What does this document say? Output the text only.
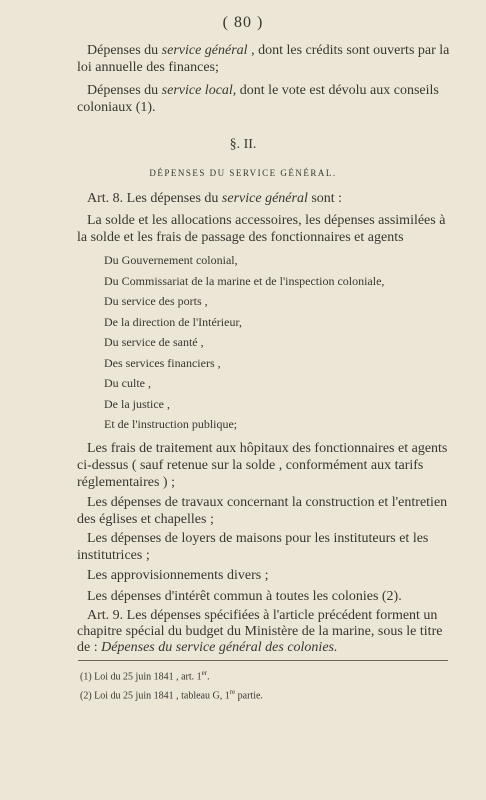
( 80 )
Dépenses du service général , dont les crédits sont ouverts par la loi annuelle des finances;
Dépenses du service local, dont le vote est dévolu aux conseils coloniaux (1).
§. II.
DÉPENSES DU SERVICE GÉNÉRAL.
Art. 8. Les dépenses du service général sont :
La solde et les allocations accessoires, les dépenses assimilées à la solde et les frais de passage des fonctionnaires et agents
Du Gouvernement colonial,
Du Commissariat de la marine et de l'inspection coloniale,
Du service des ports ,
De la direction de l'Intérieur,
Du service de santé ,
Des services financiers ,
Du culte ,
De la justice ,
Et de l'instruction publique;
Les frais de traitement aux hôpitaux des fonctionnaires et agents ci-dessus ( sauf retenue sur la solde , conformément aux tarifs réglementaires ) ;
Les dépenses de travaux concernant la construction et l'entretien des églises et chapelles ;
Les dépenses de loyers de maisons pour les instituteurs et les institutrices ;
Les approvisionnements divers ;
Les dépenses d'intérêt commun à toutes les colonies (2).
Art. 9. Les dépenses spécifiées à l'article précédent forment un chapitre spécial du budget du Ministère de la marine, sous le titre de : Dépenses du service général des colonies.
(1) Loi du 25 juin 1841 , art. 1er.
(2) Loi du 25 juin 1841 , tableau G, 1re partie.
